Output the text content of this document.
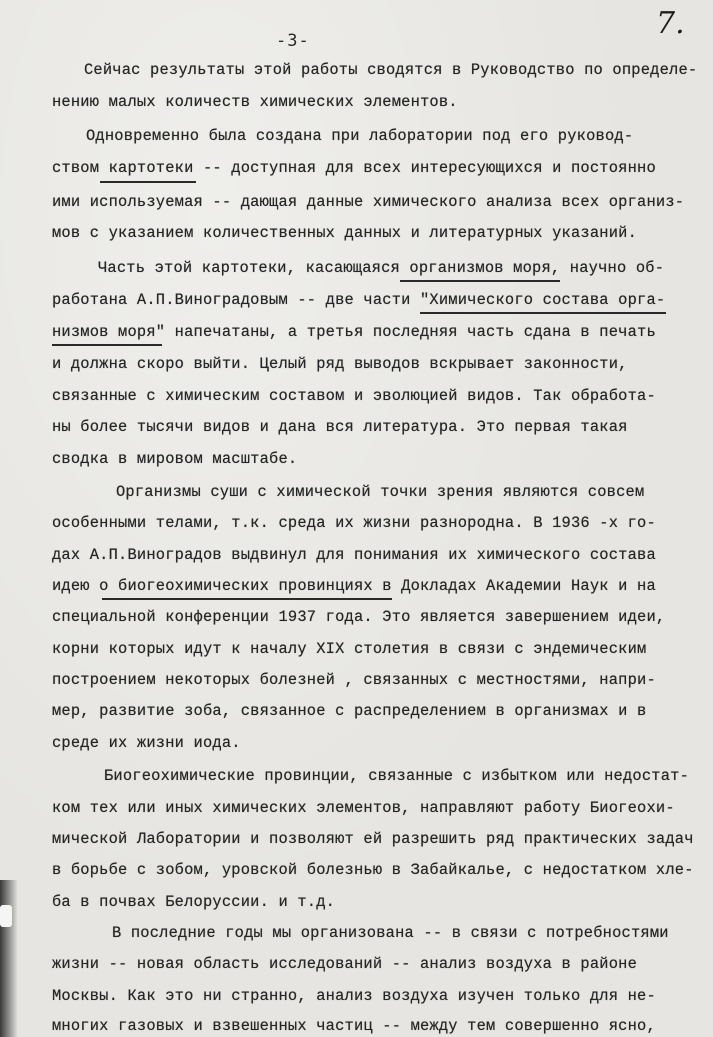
-3-	7.
Сейчас результаты этой работы сводятся в Руководство по определе-
нению малых количеств химических элементов.
Одновременно была создана при лаборатории под его руковод-
ством картотеки -- доступная для всех интересующихся и постоянно
ими используемая -- дающая данные химического анализа всех организ-
мов с указанием количественных данных и литературных указаний.
Часть этой картотеки, касающаяся организмов моря, научно об-
работана А.П.Виноградовым -- две части "Химического состава орга-
низмов моря" напечатаны, а третья последняя часть сдана в печать
и должна скоро выйти. Целый ряд выводов вскрывает законности,
связанные с химическим составом и эволюцией видов. Так обработа-
ны более тысячи видов и дана вся литература. Это первая такая
сводка в мировом масштабе.
Организмы суши с химической точки зрения являются совсем
особенными телами, т.к. среда их жизни разнородна. В 1936 -х го-
дах А.П.Виноградов выдвинул для понимания их химического состава
идею о биогеохимических провинциях в Докладах Академии Наук и на
специальной конференции 1937 года. Это является завершением идеи,
корни которых идут к началу XIX столетия в связи с эндемическим
построением некоторых болезней , связанных с местностями, напри-
мер, развитие зоба, связанное с распределением в организмах и в
среде их жизни иода.
Биогеохимические провинции, связанные с избытком или недостат-
ком тех или иных химических элементов, направляют работу Биогеохи-
мической Лаборатории и позволяют ей разрешить ряд практических задач
в борьбе с зобом, уровской болезнью в Забайкалье, с недостатком хле-
ба в почвах Белоруссии. и т.д.
В последние годы мы организована -- в связи с потребностями
жизни -- новая область исследований -- анализ воздуха в районе
Москвы. Как это ни странно, анализ воздуха изучен только для не-
многих газовых и взвешенных частиц -- между тем совершенно ясно,
